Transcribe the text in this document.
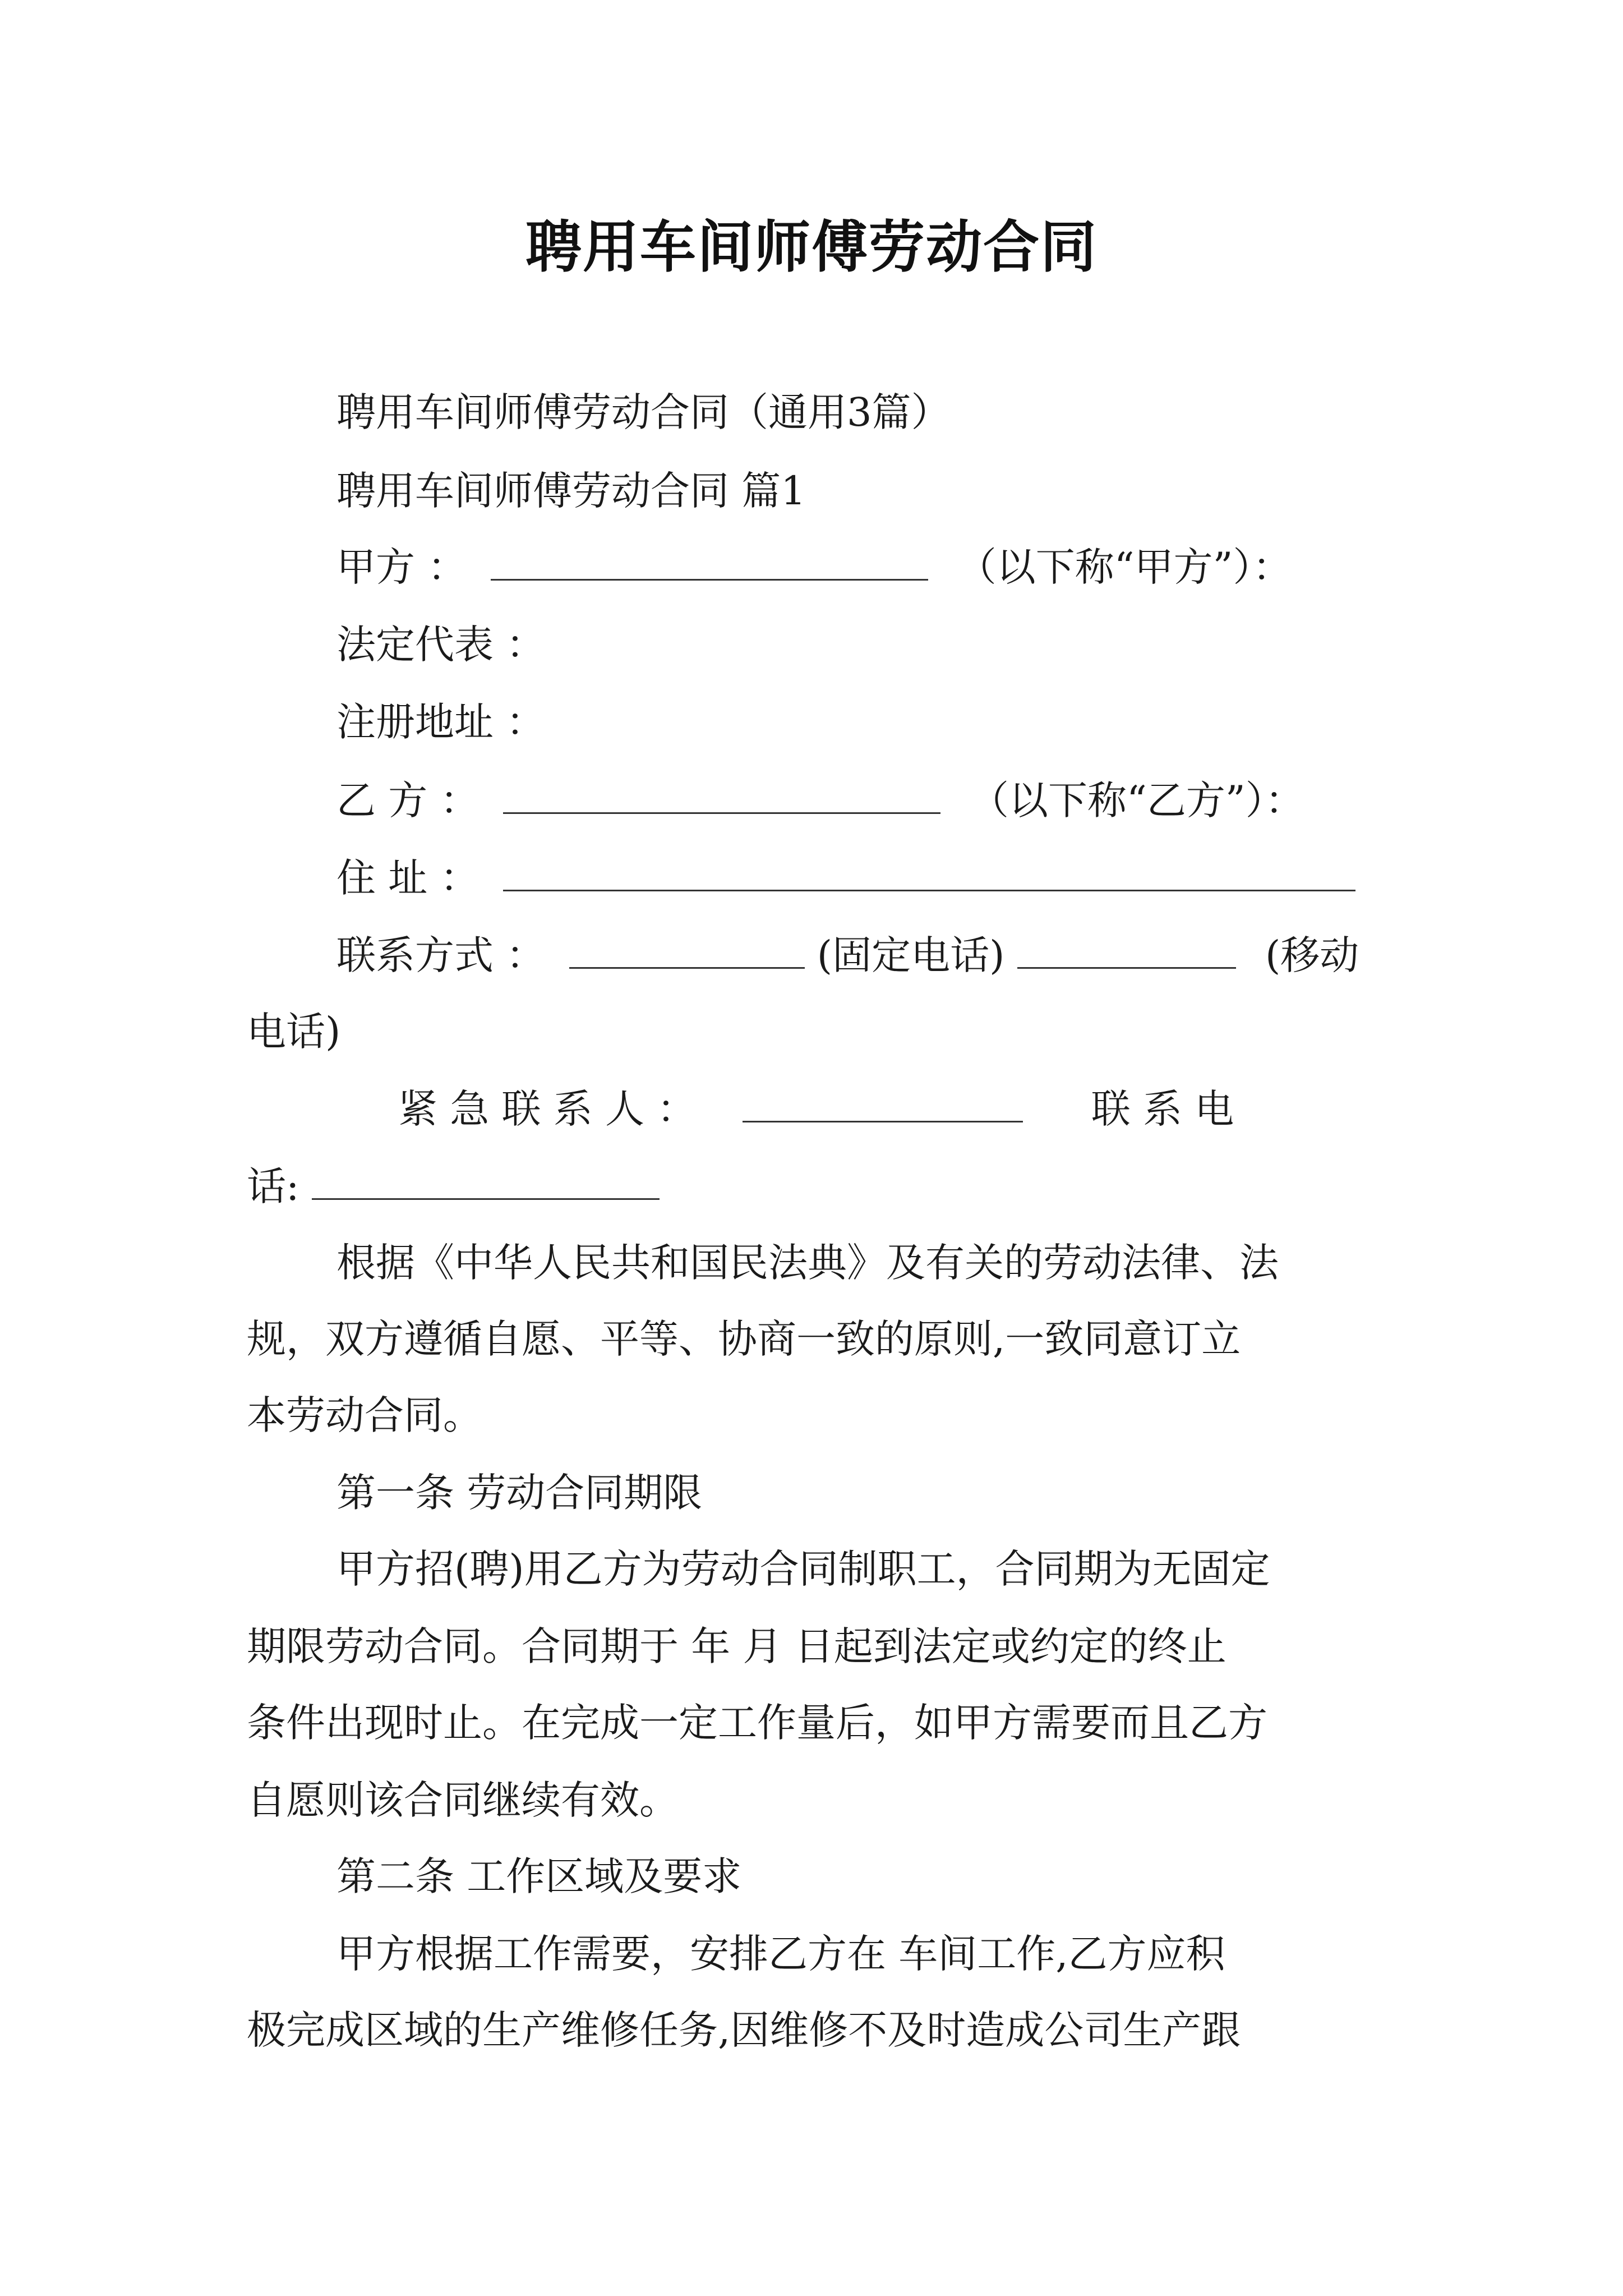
聘用车间师傅劳动合同
聘用车间师傅劳动合同（通用3篇）
聘用车间师傅劳动合同 篇1
甲方 ：	（以下称“甲方”）：
法定代表 ：
注册地址 ：
乙 方 ：	（以下称“乙方”）：
住 址 ：
联系方式 ：	(固定电话)	(移动
电话)
紧 急 联 系 人 ：	联 系 电
话:
根据《中华人民共和国民法典》及有关的劳动法律、法
规，双方遵循自愿、平等、协商一致的原则,一致同意订立
本劳动合同。
第一条 劳动合同期限
甲方招(聘)用乙方为劳动合同制职工，合同期为无固定
期限劳动合同。合同期于 年 月 日起到法定或约定的终止
条件出现时止。在完成一定工作量后，如甲方需要而且乙方
自愿则该合同继续有效。
第二条 工作区域及要求
甲方根据工作需要，安排乙方在 车间工作,乙方应积
极完成区域的生产维修任务,因维修不及时造成公司生产跟
